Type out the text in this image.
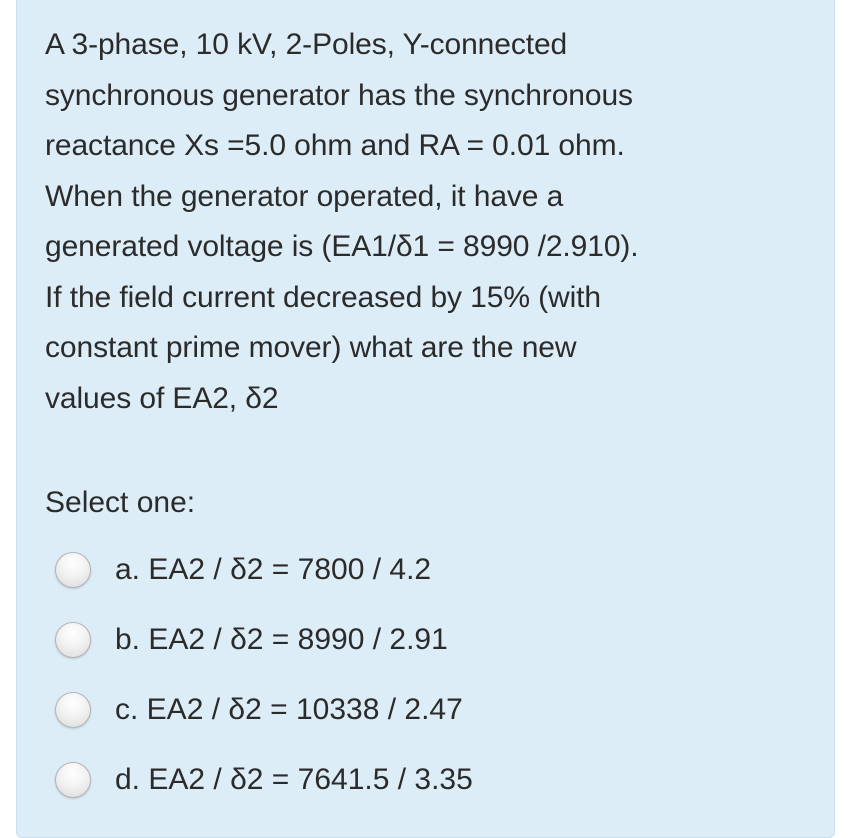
A 3-phase, 10 kV, 2-Poles, Y-connected
synchronous generator has the synchronous
reactance Xs =5.0 ohm and RA = 0.01 ohm.
When the generator operated, it have a
generated voltage is (EA1/δ1 = 8990 /2.910).
If the field current decreased by 15% (with
constant prime mover) what are the new
values of EA2, δ2

Select one:
a. EA2 / δ2 = 7800 / 4.2
b. EA2 / δ2 = 8990 / 2.91
c. EA2 / δ2 = 10338 / 2.47
d. EA2 / δ2 = 7641.5 / 3.35
